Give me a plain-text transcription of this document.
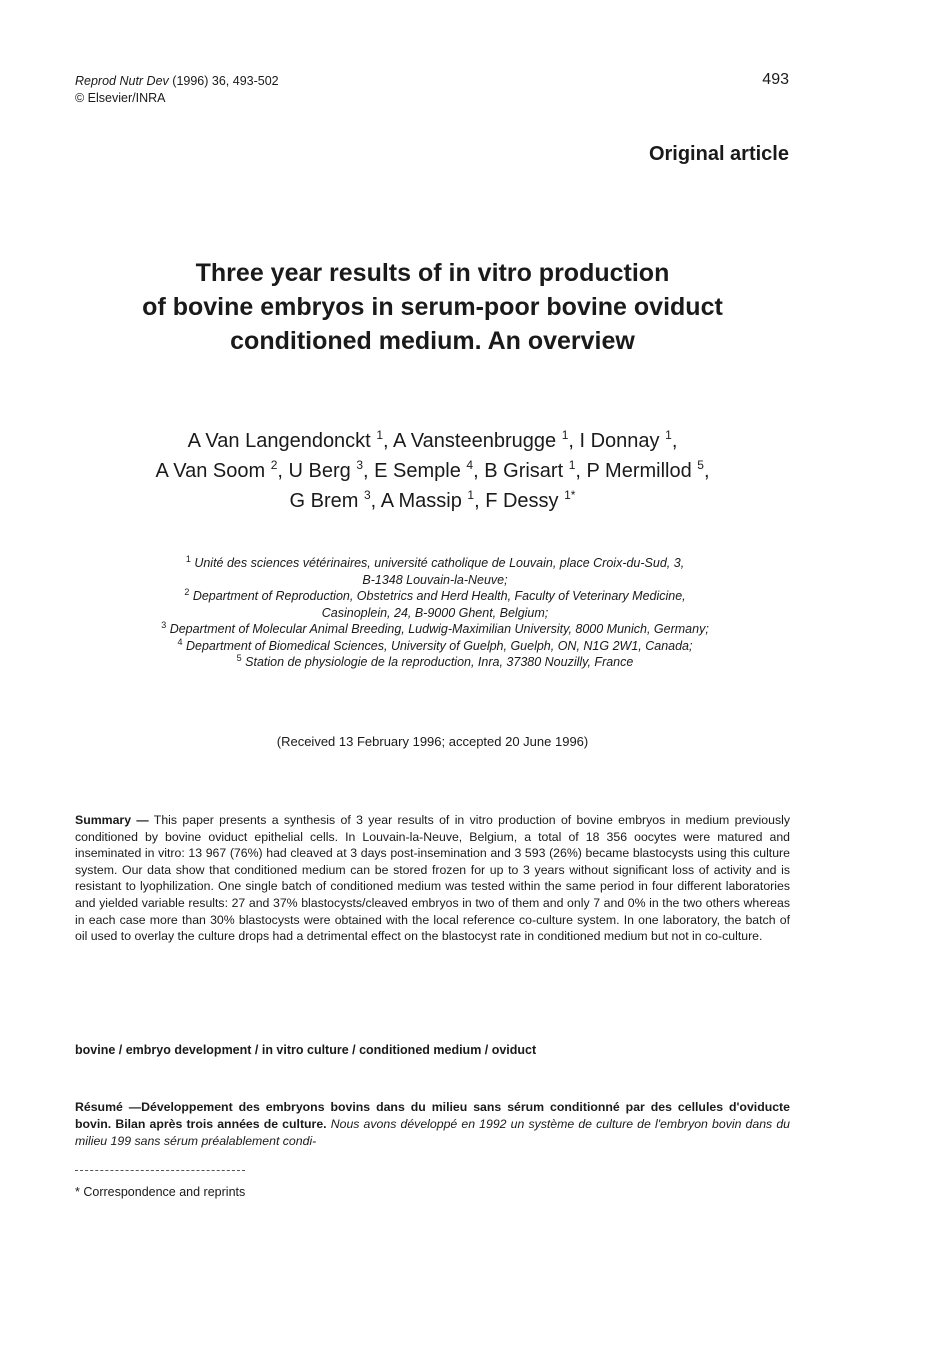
Reprod Nutr Dev (1996) 36, 493-502
© Elsevier/INRA
493
Original article
Three year results of in vitro production
of bovine embryos in serum-poor bovine oviduct
conditioned medium. An overview
A Van Langendonckt $^1$, A Vansteenbrugge $^1$, I Donnay $^1$,
A Van Soom $^2$, U Berg $^3$, E Semple $^4$, B Grisart $^1$, P Mermillod $^5$,
G Brem $^3$, A Massip $^1$, F Dessy $^{1*}$
$^1$ Unité des sciences vétérinaires, université catholique de Louvain, place Croix-du-Sud, 3,
B-1348 Louvain-la-Neuve;
$^2$ Department of Reproduction, Obstetrics and Herd Health, Faculty of Veterinary Medicine,
Casinoplein, 24, B-9000 Ghent, Belgium;
$^3$ Department of Molecular Animal Breeding, Ludwig-Maximilian University, 8000 Munich, Germany;
$^4$ Department of Biomedical Sciences, University of Guelph, Guelph, ON, N1G 2W1, Canada;
$^5$ Station de physiologie de la reproduction, Inra, 37380 Nouzilly, France
(Received 13 February 1996; accepted 20 June 1996)
Summary — This paper presents a synthesis of 3 year results of in vitro production of bovine embryos in medium previously conditioned by bovine oviduct epithelial cells. In Louvain-la-Neuve, Belgium, a total of 18 356 oocytes were matured and inseminated in vitro: 13 967 (76%) had cleaved at 3 days post-insemination and 3 593 (26%) became blastocysts using this culture system. Our data show that conditioned medium can be stored frozen for up to 3 years without significant loss of activity and is resistant to lyophilization. One single batch of conditioned medium was tested within the same period in four different laboratories and yielded variable results: 27 and 37% blastocysts/cleaved embryos in two of them and only 7 and 0% in the two others whereas in each case more than 30% blastocysts were obtained with the local reference co-culture system. In one laboratory, the batch of oil used to overlay the culture drops had a detrimental effect on the blastocyst rate in conditioned medium but not in co-culture.
bovine / embryo development / in vitro culture / conditioned medium / oviduct
Résumé —Développement des embryons bovins dans du milieu sans sérum conditionné par des cellules d'oviducte bovin. Bilan après trois années de culture. Nous avons développé en 1992 un système de culture de l'embryon bovin dans du milieu 199 sans sérum préalablement condi-
* Correspondence and reprints
